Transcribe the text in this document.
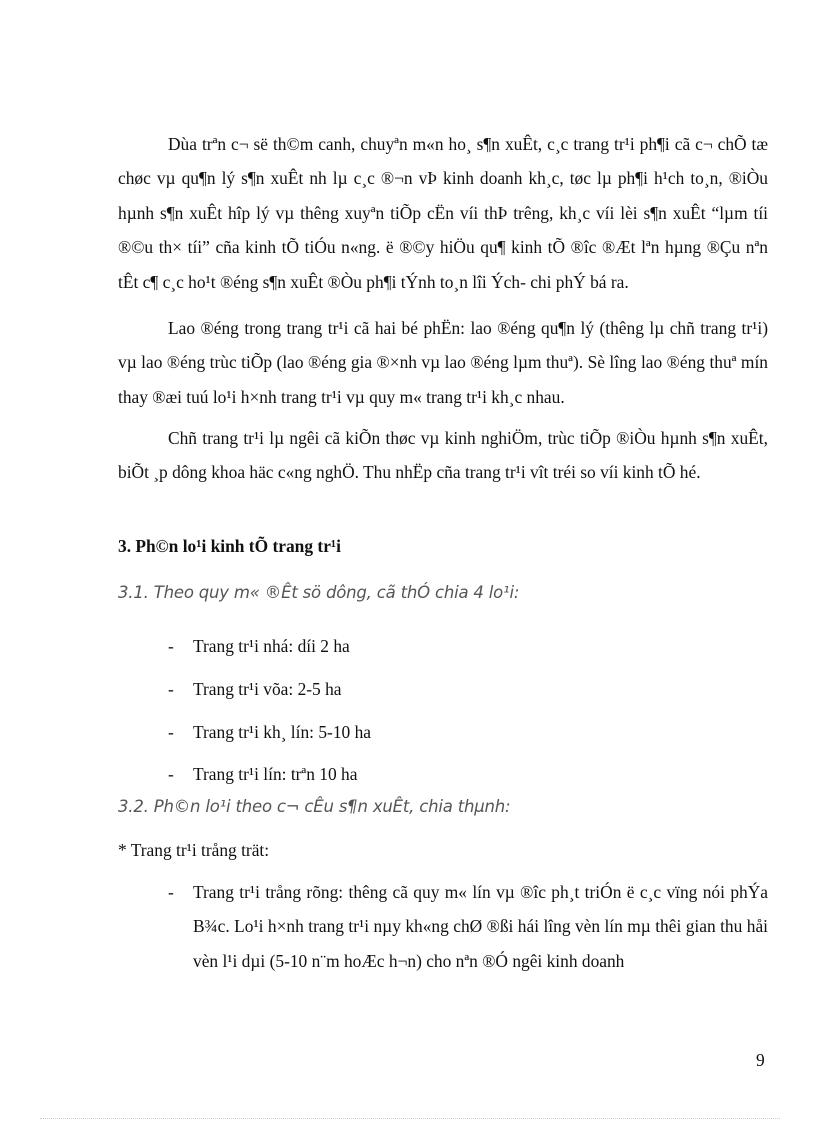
Dùa trªn c¬ së th©m canh, chuyªn m«n ho¸ s¶n xuÊt, c¸c trang tr¹i ph¶i cã c¬ chÕ tæ chøc vµ qu¶n lý s¶n xuÊt nh lµ c¸c ®¬n vÞ kinh doanh kh¸c, tøc lµ ph¶i h¹ch to¸n, ®iÒu hµnh s¶n xuÊt hîp lý vµ thêng xuyªn tiÕp cËn víi thÞ trêng, kh¸c víi lèi s¶n xuÊt “lµm tíi ®©u th× tíi” cña kinh tÕ tiÓu n«ng. ë ®©y hiÖu qu¶ kinh tÕ ®îc ®Æt lªn hµng ®Çu nªn tÊt c¶ c¸c ho¹t ®éng s¶n xuÊt ®Òu ph¶i tÝnh to¸n lîi Ých- chi phÝ bá ra.

Lao ®éng trong trang tr¹i cã hai bé phËn: lao ®éng qu¶n lý (thêng lµ chñ trang tr¹i) vµ lao ®éng trùc tiÕp (lao ®éng gia ®×nh vµ lao ®éng lµm thuª). Sè lîng lao ®éng thuª mín thay ®æi tuú lo¹i h×nh trang tr¹i vµ quy m« trang tr¹i kh¸c nhau.

Chñ trang tr¹i lµ ngêi cã kiÕn thøc vµ kinh nghiÖm, trùc tiÕp ®iÒu hµnh s¶n xuÊt, biÕt ¸p dông khoa häc c«ng nghÖ. Thu nhËp cña trang tr¹i vît tréi so víi kinh tÕ hé.

3. Ph©n lo¹i kinh tÕ trang tr¹i

3.1. Theo quy m« ®Êt sö dông, cã thÓ chia 4 lo¹i:

- Trang tr¹i nhá: díi 2 ha
- Trang tr¹i võa: 2-5 ha
- Trang tr¹i kh¸ lín: 5-10 ha
- Trang tr¹i lín: trªn 10 ha

3.2. Ph©n lo¹i theo c¬ cÊu s¶n xuÊt, chia thµnh:

* Trang tr¹i trång trät:

- Trang tr¹i trång rõng: thêng cã quy m« lín vµ ®îc ph¸t triÓn ë c¸c vïng nói phÝa B¾c. Lo¹i h×nh trang tr¹i nµy kh«ng chØ ®ßi hái lîng vèn lín mµ thêi gian thu håi vèn l¹i dµi (5-10 n¨m hoÆc h¬n) cho nªn ®Ó ngêi kinh doanh

9
